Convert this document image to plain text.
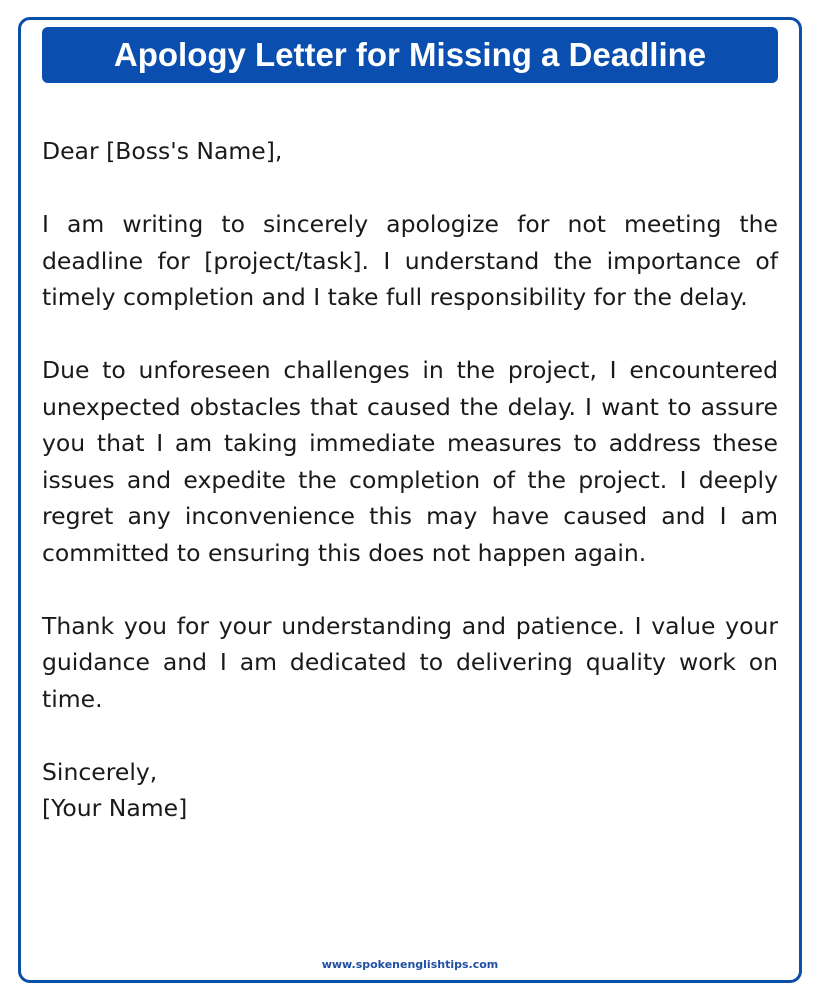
Apology Letter for Missing a Deadline

Dear [Boss's Name],

I am writing to sincerely apologize for not meeting the deadline for [project/task]. I understand the importance of timely completion and I take full responsibility for the delay.

Due to unforeseen challenges in the project, I encountered unexpected obstacles that caused the delay. I want to assure you that I am taking immediate measures to address these issues and expedite the completion of the project. I deeply regret any inconvenience this may have caused and I am committed to ensuring this does not happen again.

Thank you for your understanding and patience. I value your guidance and I am dedicated to delivering quality work on time.

Sincerely,

[Your Name]

www.spokenenglishtips.com
